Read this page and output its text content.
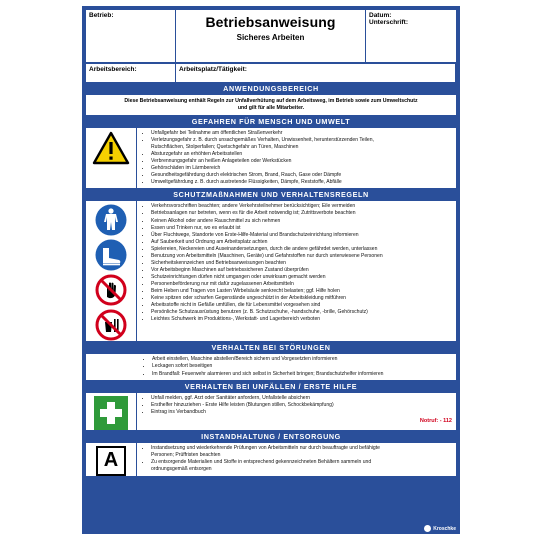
Betrieb:	Betriebsanweisung
Sicheres Arbeiten
Datum:
Unterschrift:
Arbeitsbereich:	Arbeitsplatz/Tätigkeit:
ANWENDUNGSBEREICH
Diese Betriebsanweisung enthält Regeln zur Unfallverhütung auf dem Arbeitsweg, im Betrieb sowie zum Umweltschutz
und gilt für alle Mitarbeiter.
GEFAHREN FÜR MENSCH UND UMWELT
• Unfallgefahr bei Teilnahme am öffentlichen Straßenverkehr
• Verletzungsgefahr z. B. durch unsachgemäßes Verhalten, Unwissenheit, herunterstürzenden Teilen,
Rutschflächen, Stolperfallen; Quetschgefahr an Türen, Maschinen
• Absturzgefahr an erhöhten Arbeitsstellen
• Verbrennungsgefahr an heißen Anlageteilen oder Werkstücken
• Gehörschäden im Lärmbereich
• Gesundheitsgefährdung durch elektrischen Strom, Brand, Rauch, Gase oder Dämpfe
• Umweltgefährdung z. B. durch austretende Flüssigkeiten, Dämpfe, Reststoffe, Abfälle
SCHUTZMAßNAHMEN UND VERHALTENSREGELN
• Verkehrsvorschriften beachten; andere Verkehrsteilnehmer berücksichtigen; Eile vermeiden
• Betriebsanlagen nur betreten, wenn es für die Arbeit notwendig ist; Zutrittsverbote beachten
• Keinen Alkohol oder andere Rauschmittel zu sich nehmen
• Essen und Trinken nur, wo es erlaubt ist
• Über Fluchtwege, Standorte von Erste-Hilfe-Material und Brandschutzeinrichtung informieren
• Auf Sauberkeit und Ordnung am Arbeitsplatz achten
• Spielereien, Neckereien und Auseinandersetzungen, durch die andere gefährdet werden, unterlassen
• Benutzung von Arbeitsmitteln (Maschinen, Geräte) und Gefahrstoffen nur durch unterwiesene Personen
• Sicherheitskennzeichen und Betriebsanweisungen beachten
• Vor Arbeitsbeginn Maschinen auf betriebssicheren Zustand überprüfen
• Schutzeinrichtungen dürfen nicht umgangen oder unwirksam gemacht werden
• Personenbeförderung nur mit dafür zugelassenen Arbeitsmitteln
• Beim Heben und Tragen von Lasten Wirbelsäule senkrecht belasten; ggf. Hilfe holen
• Keine spitzen oder scharfen Gegenstände ungeschützt in der Arbeitskleidung mitführen
• Arbeitsstoffe nicht in Gefäße umfüllen, die für Lebensmittel vorgesehen sind
• Persönliche Schutzausrüstung benutzen (z. B. Schutzschuhe, -handschuhe, -brille, Gehörschutz)
• Leichtes Schuhwerk im Produktions-, Werkstatt- und Lagerbereich verboten
VERHALTEN BEI STÖRUNGEN
• Arbeit einstellen, Maschine abstellen/Bereich sichern und Vorgesetzten informieren
• Leckagen sofort beseitigen
• Im Brandfall: Feuerwehr alarmieren und sich selbst in Sicherheit bringen; Brandschutzhelfer informieren
VERHALTEN BEI UNFÄLLEN / ERSTE HILFE
• Unfall melden, ggf. Arzt oder Sanitäter anfordern, Unfallstelle absichern
• Ersthelfer hinzuziehen - Erste Hilfe leisten (Blutungen stillen, Schockbekämpfung)
• Eintrag ins Verbandbuch
Notruf: - 112
INSTANDHALTUNG / ENTSORGUNG
A
• Instandsetzung und wiederkehrende Prüfungen von Arbeitsmitteln nur durch beauftragte und befähigte
Personen; Prüffristen beachten
• Zu entsorgende Materialien und Stoffe in entsprechend gekennzeichneten Behältern sammeln und
ordnungsgemäß entsorgen
Kroschke
